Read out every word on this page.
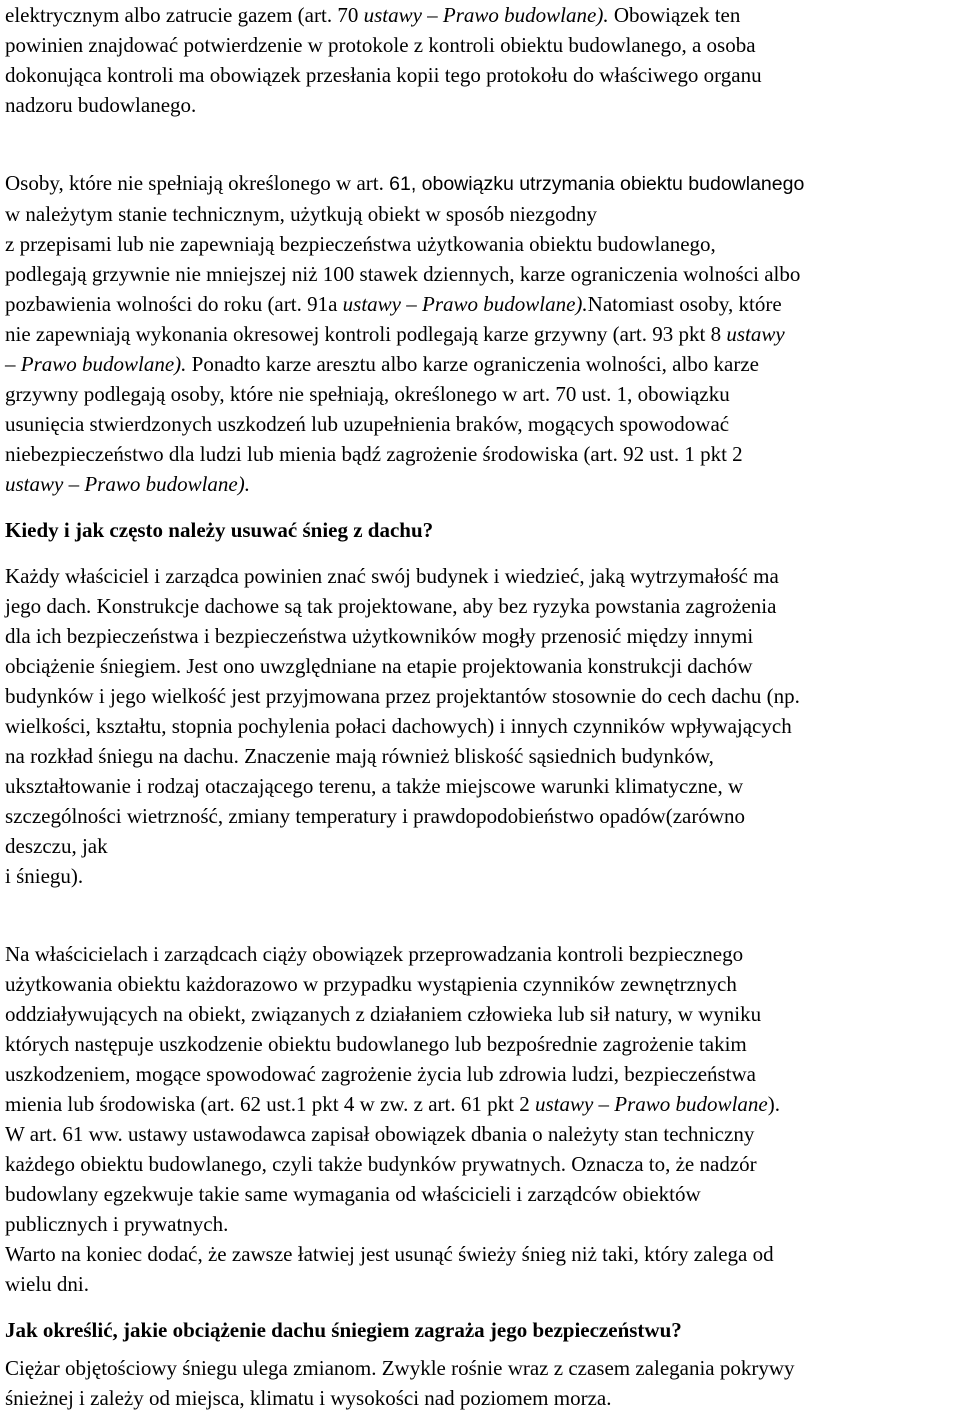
elektrycznym albo zatrucie gazem (art. 70 ustawy – Prawo budowlane). Obowiązek ten
powinien znajdować potwierdzenie w protokole z kontroli obiektu budowlanego, a osoba
dokonująca kontroli ma obowiązek przesłania kopii tego protokołu do właściwego organu
nadzoru budowlanego.
Osoby, które nie spełniają określonego w art. 61, obowiązku utrzymania obiektu budowlanego
w należytym stanie technicznym, użytkują obiekt w sposób niezgodny
z przepisami lub nie zapewniają bezpieczeństwa użytkowania obiektu budowlanego,
podlegają grzywnie nie mniejszej niż 100 stawek dziennych, karze ograniczenia wolności albo
pozbawienia wolności do roku (art. 91a ustawy – Prawo budowlane).Natomiast osoby, które
nie zapewniają wykonania okresowej kontroli podlegają karze grzywny (art. 93 pkt 8 ustawy
– Prawo budowlane). Ponadto karze aresztu albo karze ograniczenia wolności, albo karze
grzywny podlegają osoby, które nie spełniają, określonego w art. 70 ust. 1, obowiązku
usunięcia stwierdzonych uszkodzeń lub uzupełnienia braków, mogących spowodować
niebezpieczeństwo dla ludzi lub mienia bądź zagrożenie środowiska (art. 92 ust. 1 pkt 2
ustawy – Prawo budowlane).
Kiedy i jak często należy usuwać śnieg z dachu?
Każdy właściciel i zarządca powinien znać swój budynek i wiedzieć, jaką wytrzymałość ma
jego dach. Konstrukcje dachowe są tak projektowane, aby bez ryzyka powstania zagrożenia
dla ich bezpieczeństwa i bezpieczeństwa użytkowników mogły przenosić między innymi
obciążenie śniegiem. Jest ono uwzględniane na etapie projektowania konstrukcji dachów
budynków i jego wielkość jest przyjmowana przez projektantów stosownie do cech dachu (np.
wielkości, kształtu, stopnia pochylenia połaci dachowych) i innych czynników wpływających
na rozkład śniegu na dachu. Znaczenie mają również bliskość sąsiednich budynków,
ukształtowanie i rodzaj otaczającego terenu, a także miejscowe warunki klimatyczne, w
szczególności wietrzność, zmiany temperatury i prawdopodobieństwo opadów(zarówno
deszczu, jak
i śniegu).
Na właścicielach i zarządcach ciąży obowiązek przeprowadzania kontroli bezpiecznego
użytkowania obiektu każdorazowo w przypadku wystąpienia czynników zewnętrznych
oddziaływujących na obiekt, związanych z działaniem człowieka lub sił natury, w wyniku
których następuje uszkodzenie obiektu budowlanego lub bezpośrednie zagrożenie takim
uszkodzeniem, mogące spowodować zagrożenie życia lub zdrowia ludzi, bezpieczeństwa
mienia lub środowiska (art. 62 ust.1 pkt 4 w zw. z art. 61 pkt 2 ustawy – Prawo budowlane).
W art. 61 ww. ustawy ustawodawca zapisał obowiązek dbania o należyty stan techniczny
każdego obiektu budowlanego, czyli także budynków prywatnych. Oznacza to, że nadzór
budowlany egzekwuje takie same wymagania od właścicieli i zarządców obiektów
publicznych i prywatnych.
Warto na koniec dodać, że zawsze łatwiej jest usunąć świeży śnieg niż taki, który zalega od
wielu dni.
Jak określić, jakie obciążenie dachu śniegiem zagraża jego bezpieczeństwu?
Ciężar objętościowy śniegu ulega zmianom. Zwykle rośnie wraz z czasem zalegania pokrywy
śnieżnej i zależy od miejsca, klimatu i wysokości nad poziomem morza.
